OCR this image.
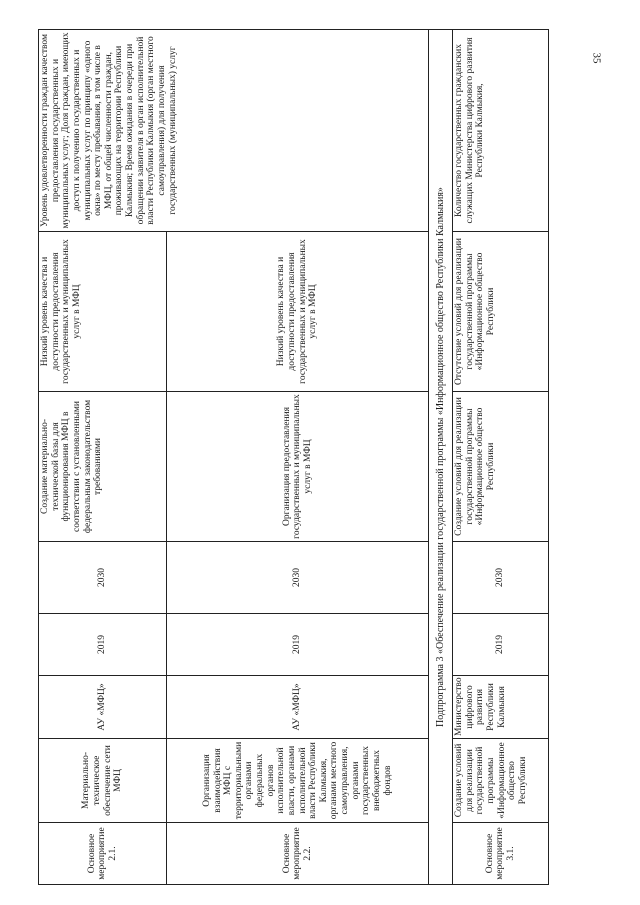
35
Основное мероприятие 2.1.	Материально-техническое обеспечение сети МФЦ	АУ «МФЦ»	2019	2030	Создание материально-технической базы для функционирования МФЦ в соответствии с установленными федеральным законодательством требованиями	Низкий уровень качества и доступности предоставления государственных и муниципальных услуг в МФЦ	Уровень удовлетворенности граждан качеством предоставления государственных и муниципальных услуг; Доля граждан, имеющих доступ к получению государственных и муниципальных услуг по принципу «одного окна» по месту пребывания, в том числе в МФЦ, от общей численности граждан, проживающих на территории Республики Калмыкия; Время ожидания в очереди при обращении заявителя в орган исполнительной власти Республики Калмыкия (орган местного самоуправления) для получения государственных (муниципальных) услуг
Основное мероприятие 2.2.	Организация взаимодействия МФЦ с территориальными органами федеральных органов исполнительной власти, органами исполнительной власти Республики Калмыкия, органами местного самоуправления, органами государственных внебюджетных фондов	АУ «МФЦ»	2019	2030	Организация предоставления государственных и муниципальных услуг в МФЦ	Низкий уровень качества и доступности предоставления государственных и муниципальных услуг в МФЦ	
Подпрограмма 3 «Обеспечение реализации государственной программы «Информационное общество Республики Калмыкия»							
Основное мероприятие 3.1.	Создание условий для реализации государственной программы «Информационное общество Республики	Министерство цифрового развития Республики Калмыкия	2019	2030	Создание условий для реализации государственной программы «Информационное общество Республики	Отсутствие условий для реализации государственной программы «Информационное общество Республики	Количество государственных гражданских служащих Министерства цифрового развития Республики Калмыкия,
